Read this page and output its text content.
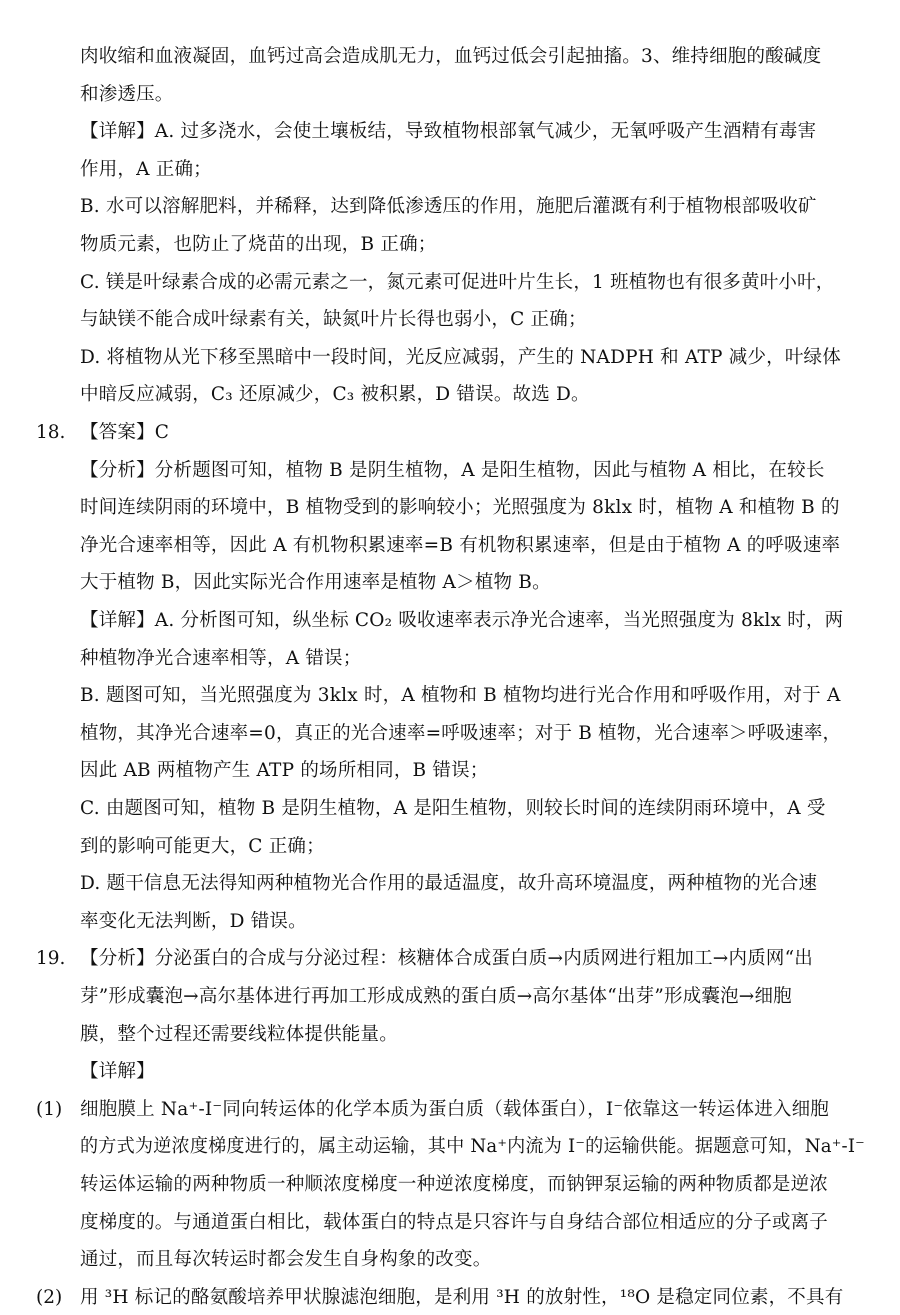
肉收缩和血液凝固，血钙过高会造成肌无力，血钙过低会引起抽搐。3、维持细胞的酸碱度
和渗透压。
【详解】A. 过多浇水，会使土壤板结，导致植物根部氧气减少，无氧呼吸产生酒精有毒害
作用，A 正确；
B. 水可以溶解肥料，并稀释，达到降低渗透压的作用，施肥后灌溉有利于植物根部吸收矿
物质元素，也防止了烧苗的出现，B 正确；
C. 镁是叶绿素合成的必需元素之一，氮元素可促进叶片生长，1 班植物也有很多黄叶小叶，
与缺镁不能合成叶绿素有关，缺氮叶片长得也弱小，C 正确；
D. 将植物从光下移至黑暗中一段时间，光反应减弱，产生的 NADPH 和 ATP 减少，叶绿体
中暗反应减弱，C₃ 还原减少，C₃ 被积累，D 错误。故选 D。
18. 【答案】C
【分析】分析题图可知，植物 B 是阴生植物，A 是阳生植物，因此与植物 A 相比，在较长
时间连续阴雨的环境中，B 植物受到的影响较小；光照强度为 8klx 时，植物 A 和植物 B 的
净光合速率相等，因此 A 有机物积累速率=B 有机物积累速率，但是由于植物 A 的呼吸速率
大于植物 B，因此实际光合作用速率是植物 A＞植物 B。
【详解】A. 分析图可知，纵坐标 CO₂ 吸收速率表示净光合速率，当光照强度为 8klx 时，两
种植物净光合速率相等，A 错误；
B. 题图可知，当光照强度为 3klx 时，A 植物和 B 植物均进行光合作用和呼吸作用，对于 A
植物，其净光合速率=0，真正的光合速率=呼吸速率；对于 B 植物，光合速率＞呼吸速率，
因此 AB 两植物产生 ATP 的场所相同，B 错误；
C. 由题图可知，植物 B 是阴生植物，A 是阳生植物，则较长时间的连续阴雨环境中，A 受
到的影响可能更大，C 正确；
D. 题干信息无法得知两种植物光合作用的最适温度，故升高环境温度，两种植物的光合速
率变化无法判断，D 错误。
19. 【分析】分泌蛋白的合成与分泌过程：核糖体合成蛋白质→内质网进行粗加工→内质网“出
芽”形成囊泡→高尔基体进行再加工形成成熟的蛋白质→高尔基体“出芽”形成囊泡→细胞
膜，整个过程还需要线粒体提供能量。
【详解】
(1) 细胞膜上 Na⁺-I⁻同向转运体的化学本质为蛋白质（载体蛋白），I⁻依靠这一转运体进入细胞
的方式为逆浓度梯度进行的，属主动运输，其中 Na⁺内流为 I⁻的运输供能。据题意可知，Na⁺-I⁻
转运体运输的两种物质一种顺浓度梯度一种逆浓度梯度，而钠钾泵运输的两种物质都是逆浓
度梯度的。与通道蛋白相比，载体蛋白的特点是只容许与自身结合部位相适应的分子或离子
通过，而且每次转运时都会发生自身构象的改变。
用 ³H 标记的酪氨酸培养甲状腺滤泡细胞，是利用 ³H 的放射性，¹⁸O 是稳定同位素，不具有
(2)
